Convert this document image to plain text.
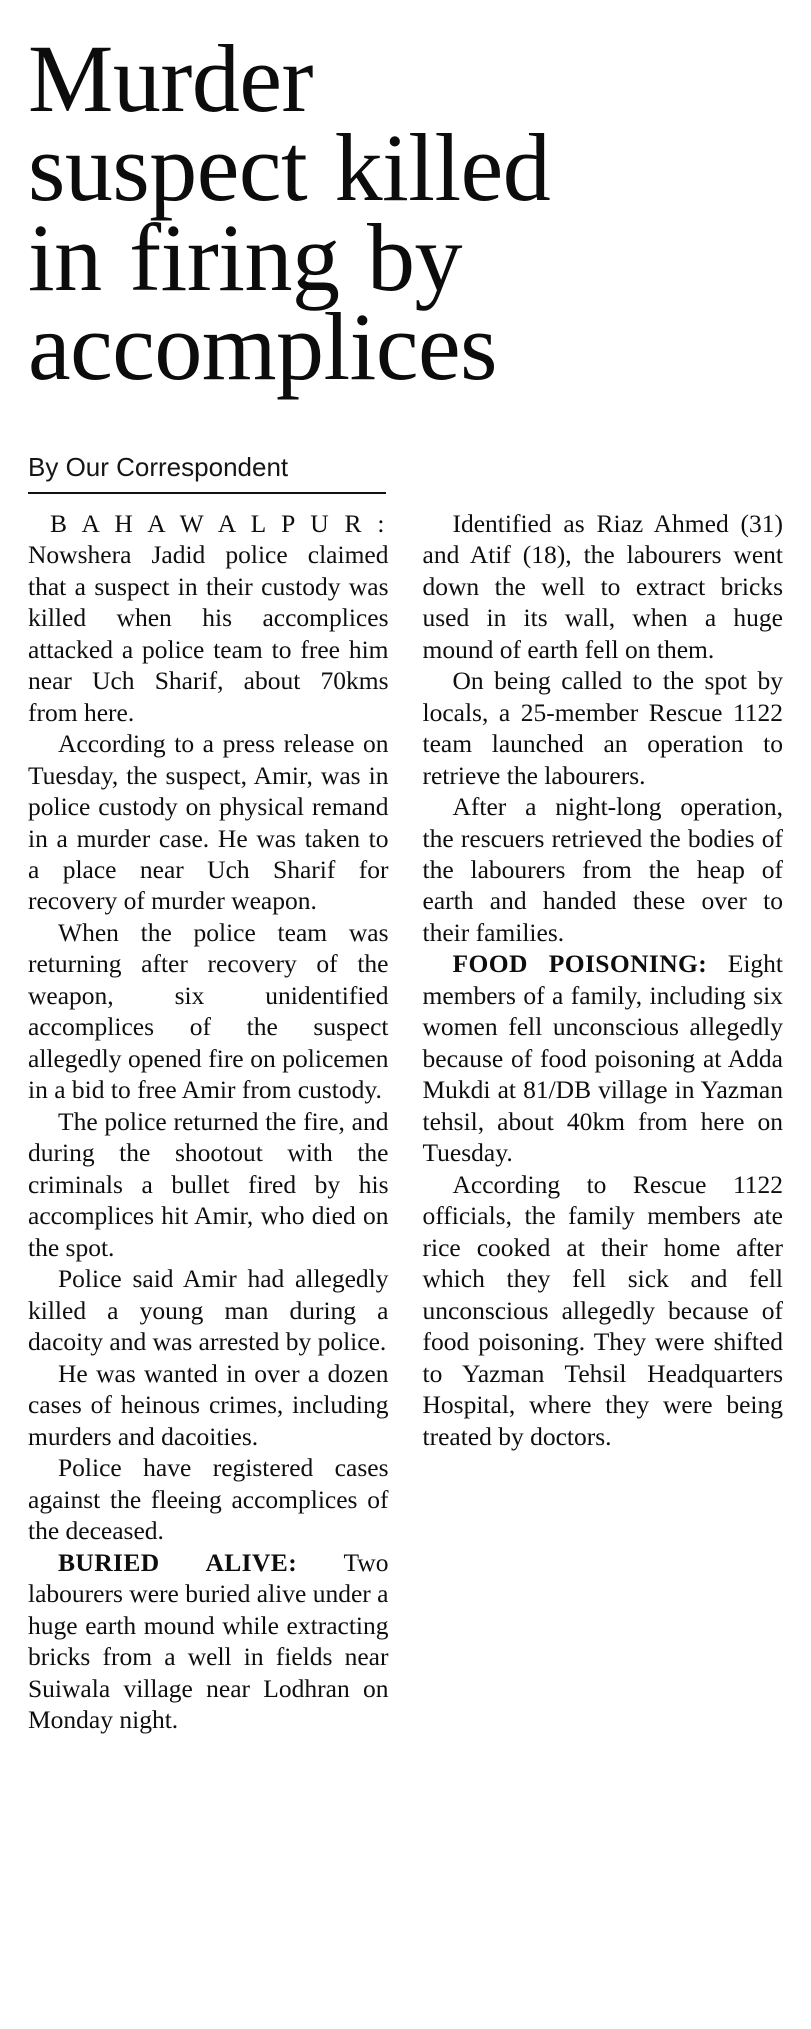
Murder
suspect killed
in firing by
accomplices
By Our Correspondent

B A H A W A L P U R : Nowshera Jadid police claimed that a suspect in their custody was killed when his accomplices attacked a police team to free him near Uch Sharif, about 70kms from here.

According to a press release on Tuesday, the suspect, Amir, was in police custody on physical remand in a murder case. He was taken to a place near Uch Sharif for recovery of murder weapon.

When the police team was returning after recovery of the weapon, six unidentified accomplices of the suspect allegedly opened fire on policemen in a bid to free Amir from custody.

The police returned the fire, and during the shootout with the criminals a bullet fired by his accomplices hit Amir, who died on the spot.

Police said Amir had allegedly killed a young man during a dacoity and was arrested by police.

He was wanted in over a dozen cases of heinous crimes, including murders and dacoities.

Police have registered cases against the fleeing accomplices of the deceased.

BURIED ALIVE: Two labourers were buried alive under a huge earth mound while extracting bricks from a well in fields near Suiwala village near Lodhran on Monday night.

Identified as Riaz Ahmed (31) and Atif (18), the labourers went down the well to extract bricks used in its wall, when a huge mound of earth fell on them.

On being called to the spot by locals, a 25-member Rescue 1122 team launched an operation to retrieve the labourers.

After a night-long operation, the rescuers retrieved the bodies of the labourers from the heap of earth and handed these over to their families.

FOOD POISONING: Eight members of a family, including six women fell unconscious allegedly because of food poisoning at Adda Mukdi at 81/DB village in Yazman tehsil, about 40km from here on Tuesday.

According to Rescue 1122 officials, the family members ate rice cooked at their home after which they fell sick and fell unconscious allegedly because of food poisoning. They were shifted to Yazman Tehsil Headquarters Hospital, where they were being treated by doctors.
